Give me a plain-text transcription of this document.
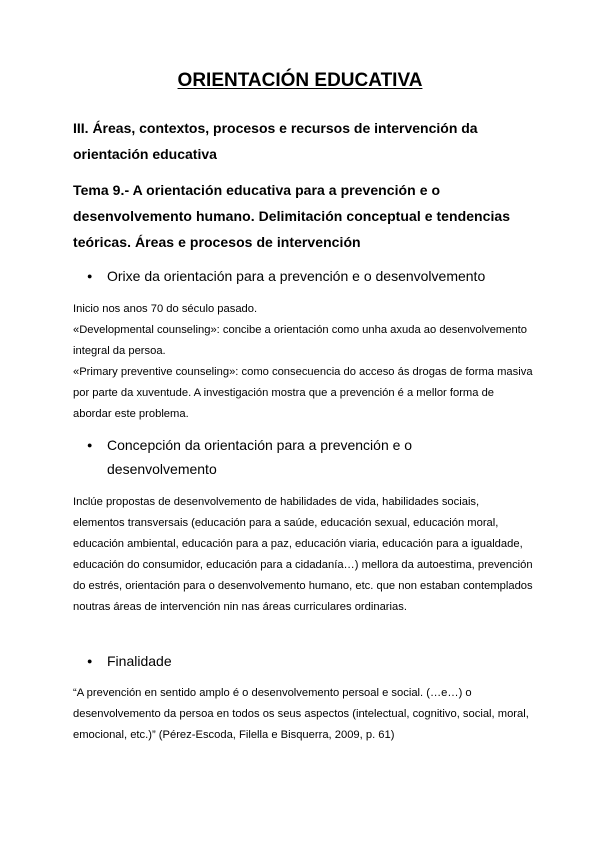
ORIENTACIÓN EDUCATIVA
III. Áreas, contextos, procesos e recursos de intervención da orientación educativa
Tema 9.- A orientación educativa para a prevención e o desenvolvemento humano. Delimitación conceptual e tendencias teóricas. Áreas e procesos de intervención
●	Orixe da orientación para a prevención e o desenvolvemento

Inicio nos anos 70 do século pasado.

«Developmental counseling»: concibe a orientación como unha axuda ao desenvolvemento integral da persoa.

«Primary preventive counseling»: como consecuencia do acceso ás drogas de forma masiva por parte da xuventude. A investigación mostra que a prevención é a mellor forma de abordar este problema.

●	Concepción da orientación para a prevención e o desenvolvemento

Inclúe propostas de desenvolvemento de habilidades de vida, habilidades sociais, elementos transversais (educación para a saúde, educación sexual, educación moral, educación ambiental, educación para a paz, educación viaria, educación para a igualdade, educación do consumidor, educación para a cidadanía…) mellora da autoestima, prevención do estrés, orientación para o desenvolvemento humano, etc. que non estaban contemplados noutras áreas de intervención nin nas áreas curriculares ordinarias.

●	Finalidade

“A prevención en sentido amplo é o desenvolvemento persoal e social. (…e…) o desenvolvemento da persoa en todos os seus aspectos (intelectual, cognitivo, social, moral, emocional, etc.)” (Pérez-Escoda, Filella e Bisquerra, 2009, p. 61)
